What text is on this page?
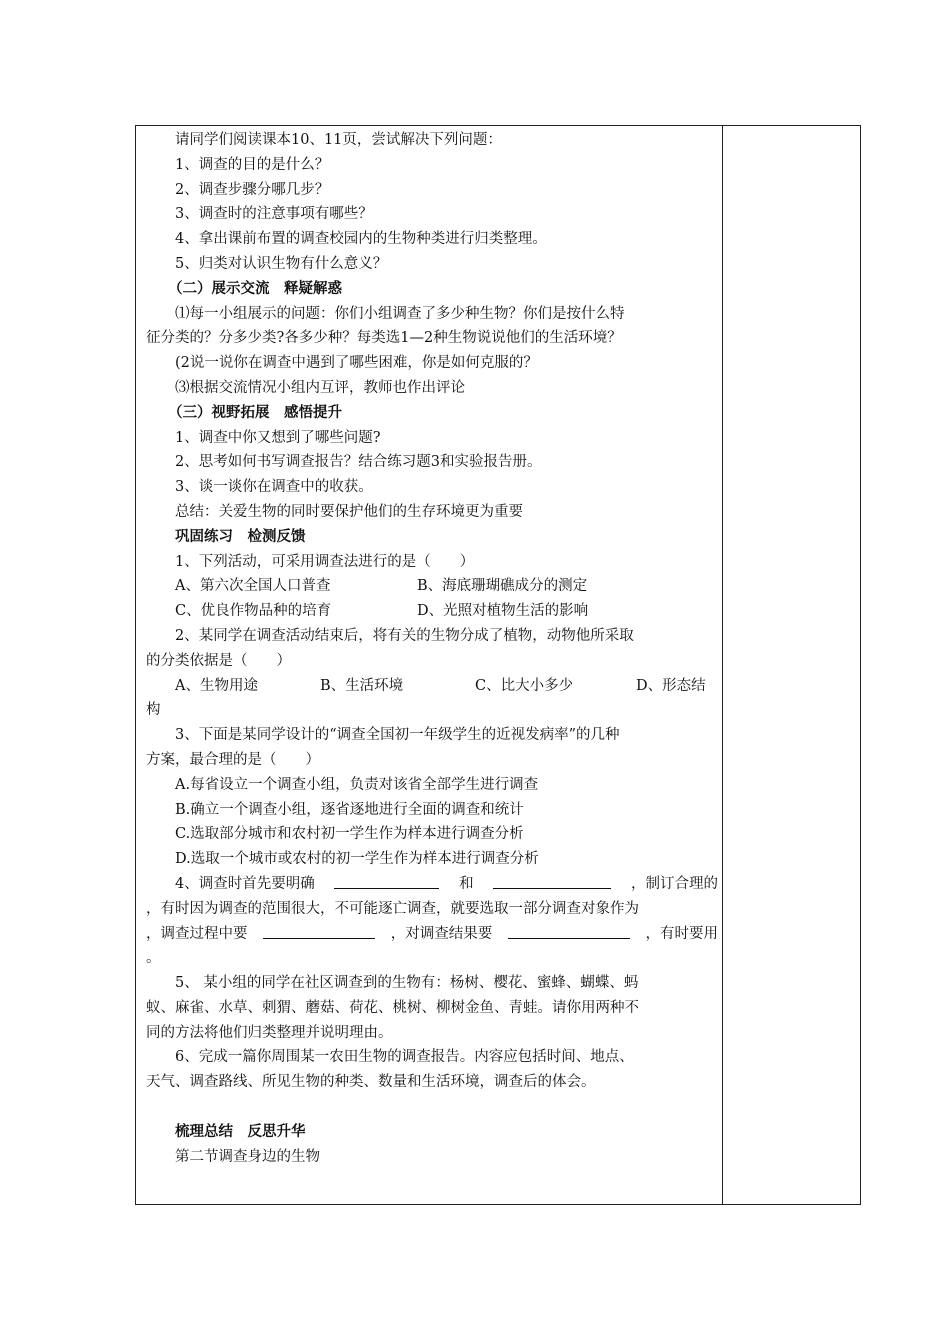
请同学们阅读课本10、11页，尝试解决下列问题：
1、调查的目的是什么？
2、调查步骤分哪几步？
3、调查时的注意事项有哪些？
4、拿出课前布置的调查校园内的生物种类进行归类整理。
5、归类对认识生物有什么意义？
（二）展示交流　释疑解惑
⑴每一小组展示的问题：你们小组调查了多少种生物？你们是按什么特
征分类的？分多少类?各多少种？每类选1—2种生物说说他们的生活环境？
(2说一说你在调查中遇到了哪些困难，你是如何克服的？
⑶根据交流情况小组内互评，教师也作出评论
（三）视野拓展　感悟提升
1、调查中你又想到了哪些问题?
2、思考如何书写调查报告？结合练习题3和实验报告册。
3、谈一谈你在调查中的收获。
总结：关爱生物的同时要保护他们的生存环境更为重要
巩固练习　检测反馈
1、下列活动，可采用调查法进行的是（　　）
A、第六次全国人口普查	B、海底珊瑚礁成分的测定
C、优良作物品种的培育	D、光照对植物生活的影响
2、某同学在调查活动结束后，将有关的生物分成了植物，动物他所采取
的分类依据是（　　）
A、生物用途	B、生活环境	C、比大小多少	D、形态结
构
3、下面是某同学设计的“调查全国初一年级学生的近视发病率”的几种
方案，最合理的是（　　）
A.每省设立一个调查小组，负责对该省全部学生进行调查
B.确立一个调查小组，逐省逐地进行全面的调查和统计
C.选取部分城市和农村初一学生作为样本进行调查分析
D.选取一个城市或农村的初一学生作为样本进行调查分析
4、调查时首先要明确	和	，制订合理的
，有时因为调查的范围很大，不可能逐亡调查，就要选取一部分调查对象作为
，调查过程中要	，对调查结果要	，有时要用
。
5、 某小组的同学在社区调查到的生物有：杨树、樱花、蜜蜂、蝴蝶、蚂
蚁、麻雀、水草、刺猬、蘑菇、荷花、桃树、柳树金鱼、青蛙。请你用两种不
同的方法将他们归类整理并说明理由。
6、完成一篇你周围某一农田生物的调查报告。内容应包括时间、地点、
天气、调查路线、所见生物的种类、数量和生活环境，调查后的体会。
梳理总结　反思升华
第二节调查身边的生物
